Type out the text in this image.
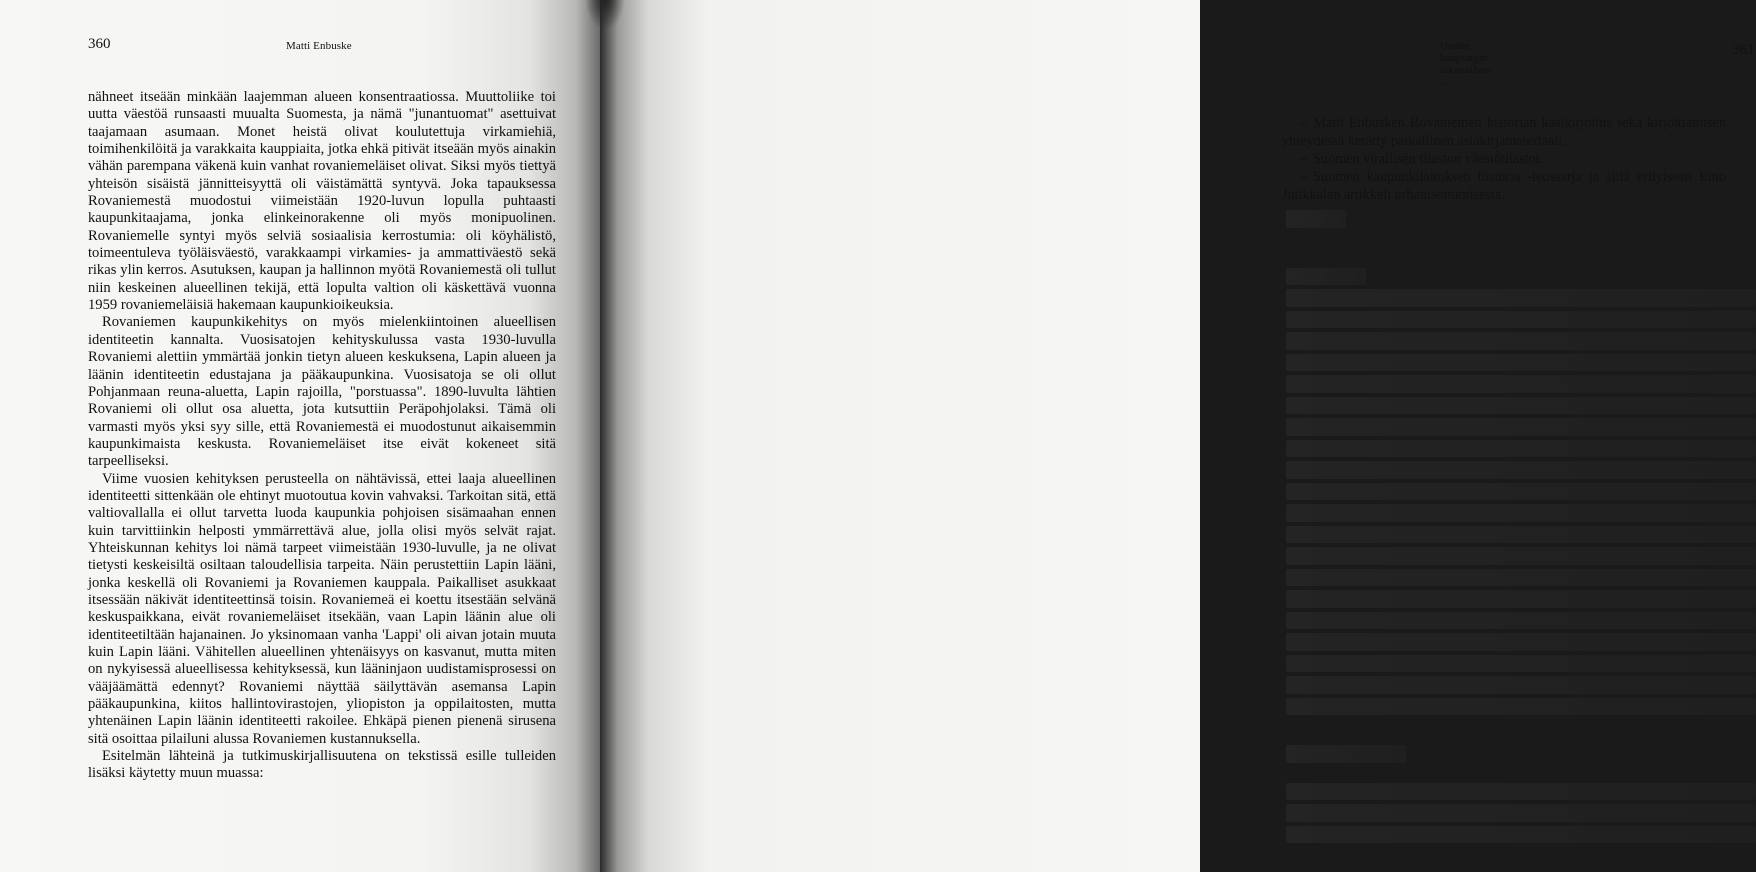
360	Matti Enbuske

nähneet itseään minkään laajemman alueen konsentraatiossa. Muuttoliike toi uutta väestöä runsaasti muualta Suomesta, ja nämä "junantuomat" asettuivat taajamaan asumaan. Monet heistä olivat koulutettuja virkamiehiä, toimihenkilöitä ja varakkaita kauppiaita, jotka ehkä pitivät itseään myös ainakin vähän parempana väkenä kuin vanhat rovaniemeläiset olivat. Siksi myös tiettyä yhteisön sisäistä jännitteisyyttä oli väistämättä syntyvä. Joka tapauksessa Rovaniemestä muodostui viimeistään 1920-luvun lopulla puhtaasti kaupunkitaajama, jonka elinkeinorakenne oli myös monipuolinen. Rovaniemelle syntyi myös selviä sosiaalisia kerrostumia: oli köyhälistö, toimeentuleva työläisväestö, varakkaampi virkamies- ja ammattiväestö sekä rikas ylin kerros. Asutuksen, kaupan ja hallinnon myötä Rovaniemestä oli tullut niin keskeinen alueellinen tekijä, että lopulta valtion oli käskettävä vuonna 1959 rovaniemeläisiä hakemaan kaupunkioikeuksia.

Rovaniemen kaupunkikehitys on myös mielenkiintoinen alueellisen identiteetin kannalta. Vuosisatojen kehityskulussa vasta 1930-luvulla Rovaniemi alettiin ymmärtää jonkin tietyn alueen keskuksena, Lapin alueen ja läänin identiteetin edustajana ja pääkaupunkina. Vuosisatoja se oli ollut Pohjanmaan reuna-aluetta, Lapin rajoilla, "porstuassa". 1890-luvulta lähtien Rovaniemi oli ollut osa aluetta, jota kutsuttiin Peräpohjolaksi. Tämä oli varmasti myös yksi syy sille, että Rovaniemestä ei muodostunut aikaisemmin kaupunkimaista keskusta. Rovaniemeläiset itse eivät kokeneet sitä tarpeelliseksi.

Viime vuosien kehityksen perusteella on nähtävissä, ettei laaja alueellinen identiteetti sittenkään ole ehtinyt muotoutua kovin vahvaksi. Tarkoitan sitä, että valtiovallalla ei ollut tarvetta luoda kaupunkia pohjoisen sisämaahan ennen kuin tarvittiinkin helposti ymmärrettävä alue, jolla olisi myös selvät rajat. Yhteiskunnan kehitys loi nämä tarpeet viimeistään 1930-luvulle, ja ne olivat tietysti keskeisiltä osiltaan taloudellisia tarpeita. Näin perustettiin Lapin lääni, jonka keskellä oli Rovaniemi ja Rovaniemen kauppala. Paikalliset asukkaat itsessään näkivät identiteettinsä toisin. Rovaniemeä ei koettu itsestään selvänä keskuspaikkana, eivät rovaniemeläiset itsekään, vaan Lapin läänin alue oli identiteetiltään hajanainen. Jo yksinomaan vanha 'Lappi' oli aivan jotain muuta kuin Lapin lääni. Vähitellen alueellinen yhtenäisyys on kasvanut, mutta miten on nykyisessä alueellisessa kehityksessä, kun lääninjaon uudistamisprosessi on vääjäämättä edennyt? Rovaniemi näyttää säilyttävän asemansa Lapin pääkaupunkina, kiitos hallintovirastojen, yliopiston ja oppilaitosten, mutta yhtenäinen Lapin läänin identiteetti rakoilee. Ehkäpä pienen pienenä sirusena sitä osoittaa pilailuni alussa Rovaniemen kustannuksella.

Esitelmän lähteinä ja tutkimuskirjallisuutena on tekstissä esille tulleiden lisäksi käytetty muun muassa:

Uuden kaupungin alkuvaiheet ...
361

– Matti Enbusken Rovaniemen historian käsikirjoitus sekä kirjoittamisen yhteydessä kerätty paikallinen asiakirjamateriaali.

– Suomen virallisen tilaston väestötilastot.

– Suomen kaupunkilaitoksen historia -teossarja ja siitä erityisesti Eino Jutikkalan artikkeli urbanisoitumisesta.
